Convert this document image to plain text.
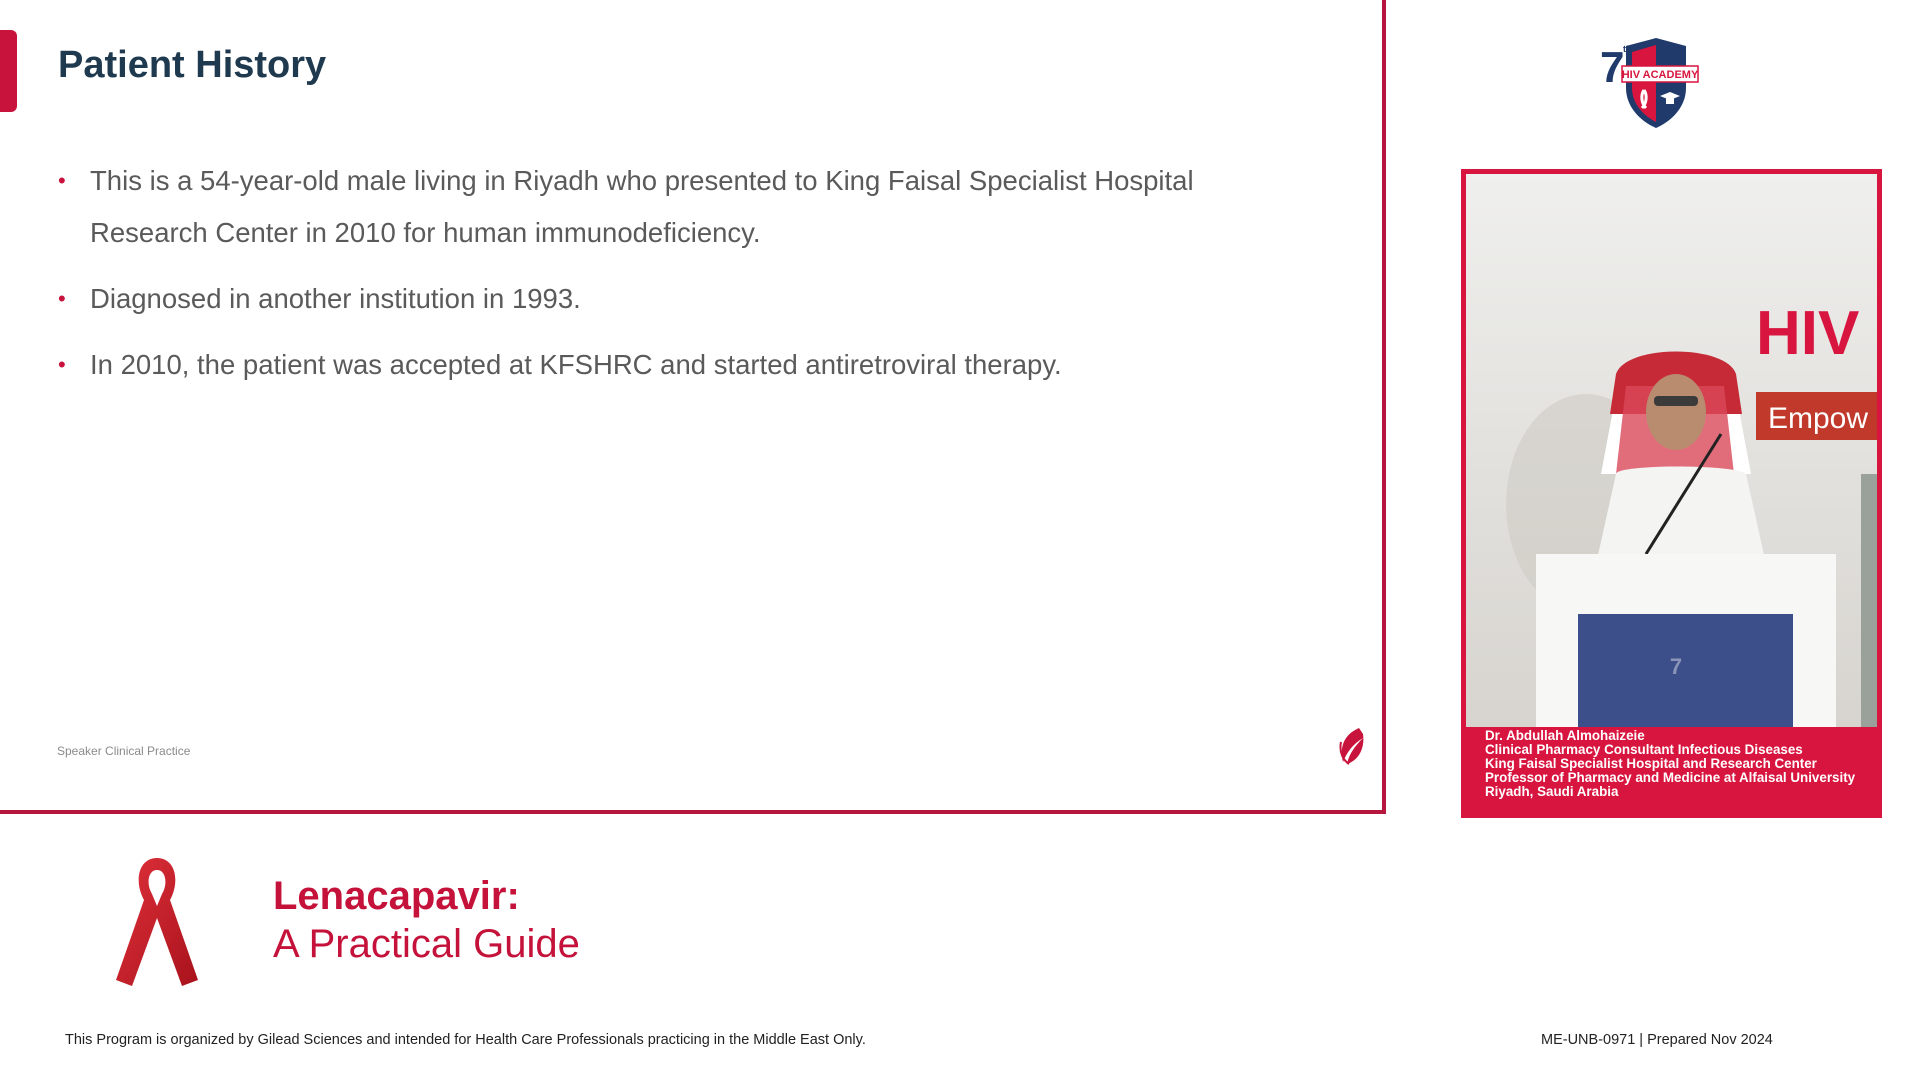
Patient History
• This is a 54-year-old male living in Riyadh who presented to King Faisal Specialist Hospital Research Center in 2010 for human immunodeficiency.
• Diagnosed in another institution in 1993.
• In 2010, the patient was accepted at KFSHRC and started antiretroviral therapy.
Speaker Clinical Practice
HIV ACADEMY
7
th
HIV
Empow
7
Dr. Abdullah Almohaizeie
Clinical Pharmacy Consultant Infectious Diseases
King Faisal Specialist Hospital and Research Center
Professor of Pharmacy and Medicine at Alfaisal University
Riyadh, Saudi Arabia
Lenacapavir:
A Practical Guide
This Program is organized by Gilead Sciences and intended for Health Care Professionals practicing in the Middle East Only.	ME-UNB-0971 | Prepared Nov 2024
